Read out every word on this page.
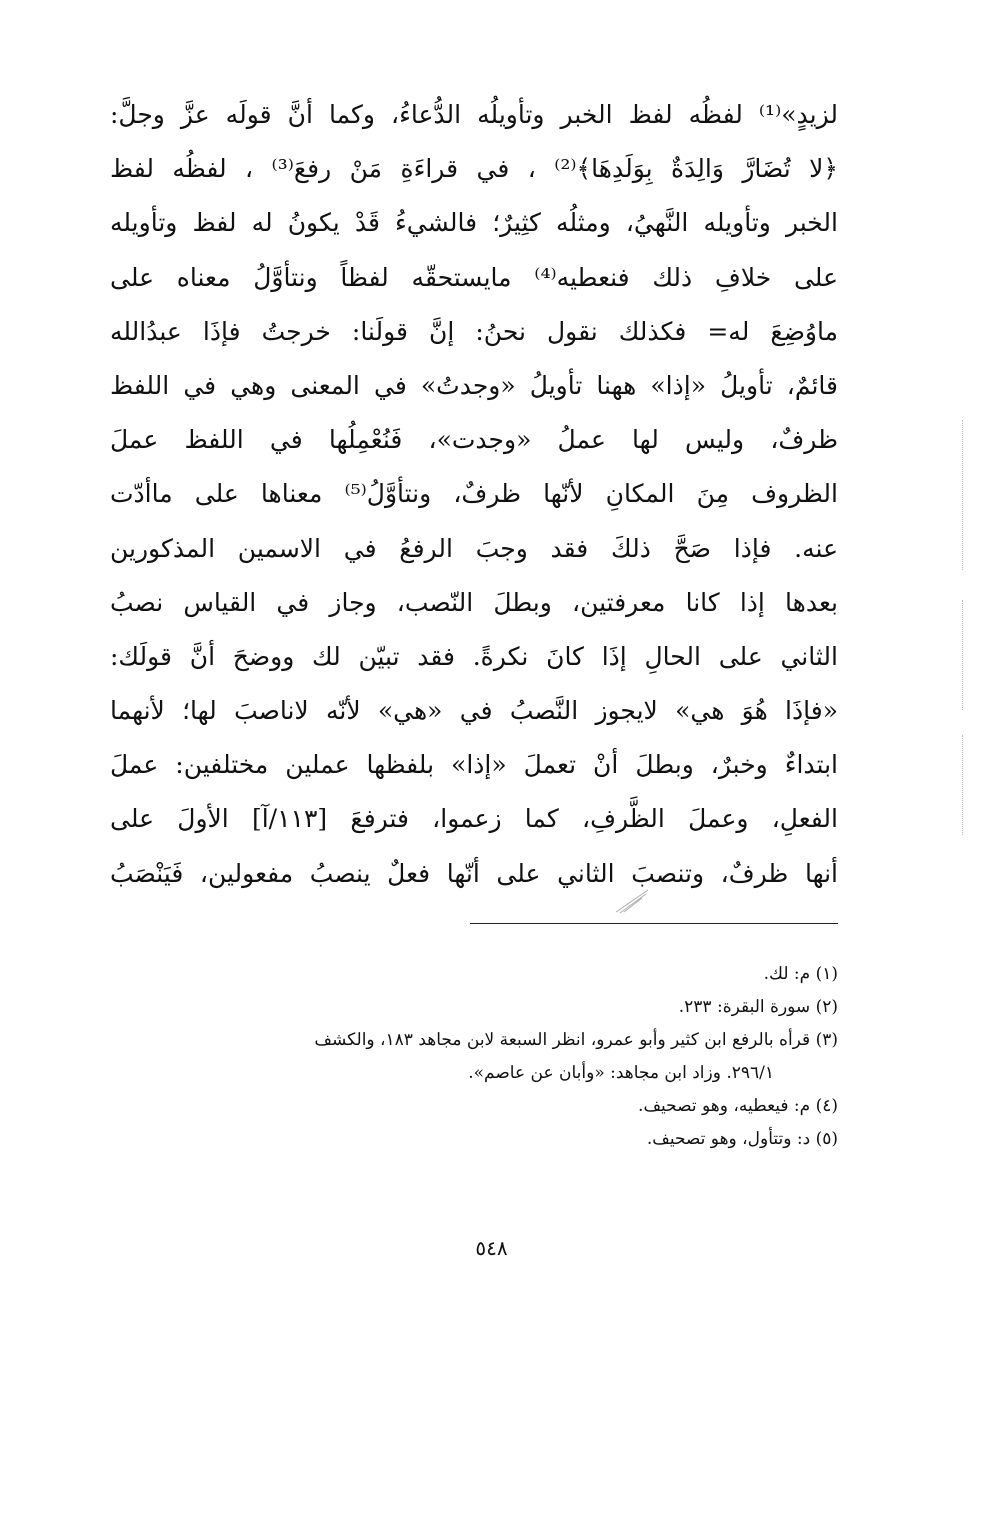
لزيدٍ»⁽¹⁾ لفظُه لفظ الخبر وتأويلُه الدُّعاءُ، وكما أنَّ قولَه عزَّ وجلَّ:
﴿لا تُضَارَّ وَالِدَةٌ بِوَلَدِهَا﴾⁽²⁾ ، في قراءَةِ مَنْ رفعَ⁽³⁾ ، لفظُه لفظ
الخبر وتأويله النَّهيُ، ومثلُه كثِيرٌ؛ فالشيءُ قَدْ يكونُ له لفظ وتأويله
على خلافِ ذلك فنعطيه⁽⁴⁾ مايستحقّه لفظاً ونتأوَّلُ معناه على
ماوُضِعَ له= فكذلك نقول نحنُ: إنَّ قولَنا: خرجتُ فإذَا عبدُالله
قائمٌ، تأويلُ «إذا» ههنا تأويلُ «وجدتُ» في المعنى وهي في اللفظ
ظرفٌ، وليس لها عملُ «وجدت»، فَنُعْمِلُها في اللفظ عملَ
الظروف مِنَ المكانِ لأنّها ظرفٌ، ونتأوَّلُ⁽⁵⁾ معناها على ماأدّت
عنه. فإذا صَحَّ ذلكَ فقد وجبَ الرفعُ في الاسمين المذكورين
بعدها إذا كانا معرفتين، وبطلَ النّصب، وجاز في القياس نصبُ
الثاني على الحالِ إذَا كانَ نكرةً. فقد تبيّن لك ووضحَ أنَّ قولَك:
«فإذَا هُوَ هي» لايجوز النَّصبُ في «هي» لأنّه لاناصبَ لها؛ لأنهما
ابتداءٌ وخبرٌ، وبطلَ أنْ تعملَ «إذا» بلفظها عملين مختلفين: عملَ
الفعلِ، وعملَ الظَّرفِ، كما زعموا، فترفعَ [١١٣/آ] الأولَ على
أنها ظرفٌ، وتنصبَ الثاني على أنّها فعلٌ ينصبُ مفعولين، فَيَنْصَبُ
(١) م: لك.
(٢) سورة البقرة: ٢٣٣.
(٣) قرأه بالرفع ابن كثير وأبو عمرو، انظر السبعة لابن مجاهد ١٨٣، والكشف
٢٩٦/١. وزاد ابن مجاهد: «وأبان عن عاصم».
(٤) م: فيعطيه، وهو تصحيف.
(٥) د: وتتأول، وهو تصحيف.
٥٤٨
